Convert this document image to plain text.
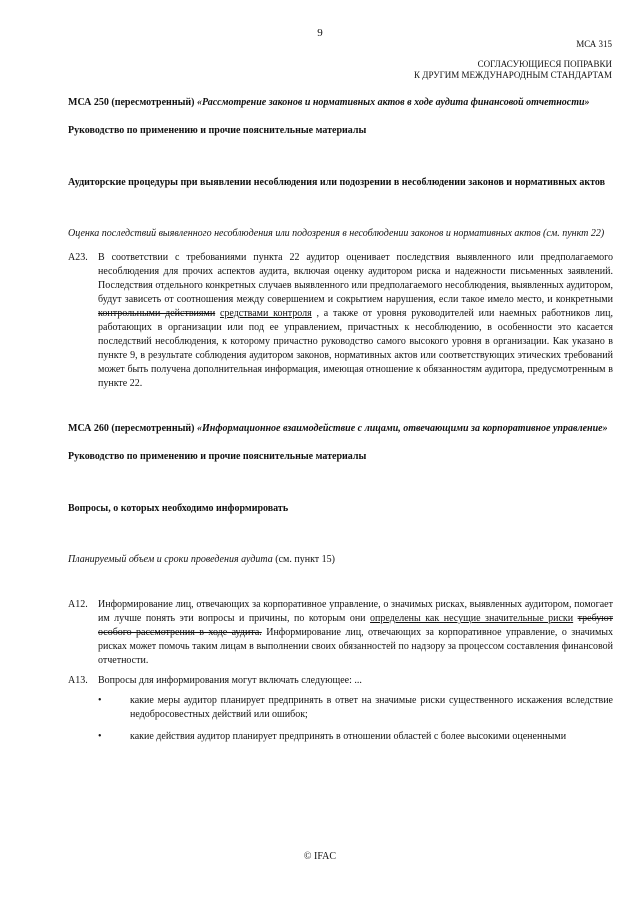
9
МСА 315
СОГЛАСУЮЩИЕСЯ ПОПРАВКИ
К ДРУГИМ МЕЖДУНАРОДНЫМ СТАНДАРТАМ

МСА 250 (пересмотренный) «Рассмотрение законов и нормативных актов в ходе аудита финансовой отчетности»

Руководство по применению и прочие пояснительные материалы

Аудиторские процедуры при выявлении несоблюдения или подозрении в несоблюдении законов и нормативных актов

Оценка последствий выявленного несоблюдения или подозрения в несоблюдении законов и нормативных актов (см. пункт 22)

A23.	В соответствии с требованиями пункта 22 аудитор оценивает последствия выявленного или предполагаемого несоблюдения для прочих аспектов аудита, включая оценку аудитором риска и надежности письменных заявлений. Последствия отдельного конкретных случаев выявленного или предполагаемого несоблюдения, выявленных аудитором, будут зависеть от соотношения между совершением и сокрытием нарушения, если такое имело место, и конкретными контрольными действиями средствами контроля , а также от уровня руководителей или наемных работников лиц, работающих в организации или под ее управлением, причастных к несоблюдению, в особенности это касается последствий несоблюдения, к которому причастно руководство самого высокого уровня в организации. Как указано в пункте 9, в результате соблюдения аудитором законов, нормативных актов или соответствующих этических требований может быть получена дополнительная информация, имеющая отношение к обязанностям аудитора, предусмотренным в пункте 22.

МСА 260 (пересмотренный) «Информационное взаимодействие с лицами, отвечающими за корпоративное управление»

Руководство по применению и прочие пояснительные материалы

Вопросы, о которых необходимо информировать

Планируемый объем и сроки проведения аудита (см. пункт 15)

A12.	Информирование лиц, отвечающих за корпоративное управление, о значимых рисках, выявленных аудитором, помогает им лучше понять эти вопросы и причины, по которым они определены как несущие значительные риски требуют особого рассмотрения в ходе аудита. Информирование лиц, отвечающих за корпоративное управление, о значимых рисках может помочь таким лицам в выполнении своих обязанностей по надзору за процессом составления финансовой отчетности.
A13.	Вопросы для информирования могут включать следующее: ...
•	какие меры аудитор планирует предпринять в ответ на значимые риски существенного искажения вследствие недобросовестных действий или ошибок;
•	какие действия аудитор планирует предпринять в отношении областей с более высокими оцененными
© IFAC
